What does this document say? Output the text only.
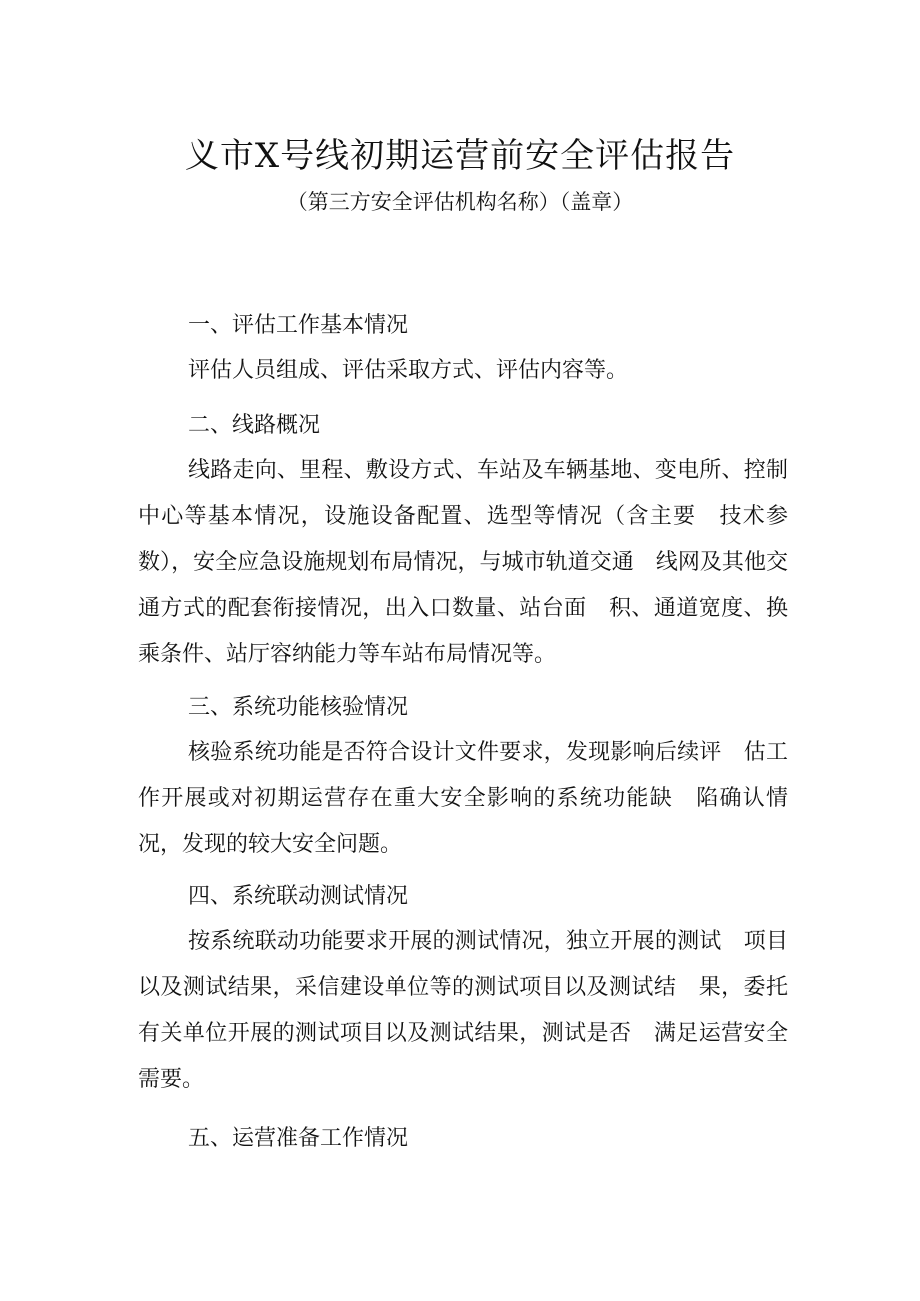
义市X号线初期运营前安全评估报告
（第三方安全评估机构名称）（盖章）
一、评估工作基本情况
评估人员组成、评估采取方式、评估内容等。
二、线路概况
线路走向、里程、敷设方式、车站及车辆基地、变电所、控制中心等基本情况，设施设备配置、选型等情况（含主要　技术参数），安全应急设施规划布局情况，与城市轨道交通　线网及其他交通方式的配套衔接情况，出入口数量、站台面　积、通道宽度、换乘条件、站厅容纳能力等车站布局情况等。
三、系统功能核验情况
核验系统功能是否符合设计文件要求，发现影响后续评　估工作开展或对初期运营存在重大安全影响的系统功能缺　陷确认情况，发现的较大安全问题。
四、系统联动测试情况
按系统联动功能要求开展的测试情况，独立开展的测试　项目以及测试结果，采信建设单位等的测试项目以及测试结　果，委托有关单位开展的测试项目以及测试结果，测试是否　满足运营安全需要。
五、运营准备工作情况
